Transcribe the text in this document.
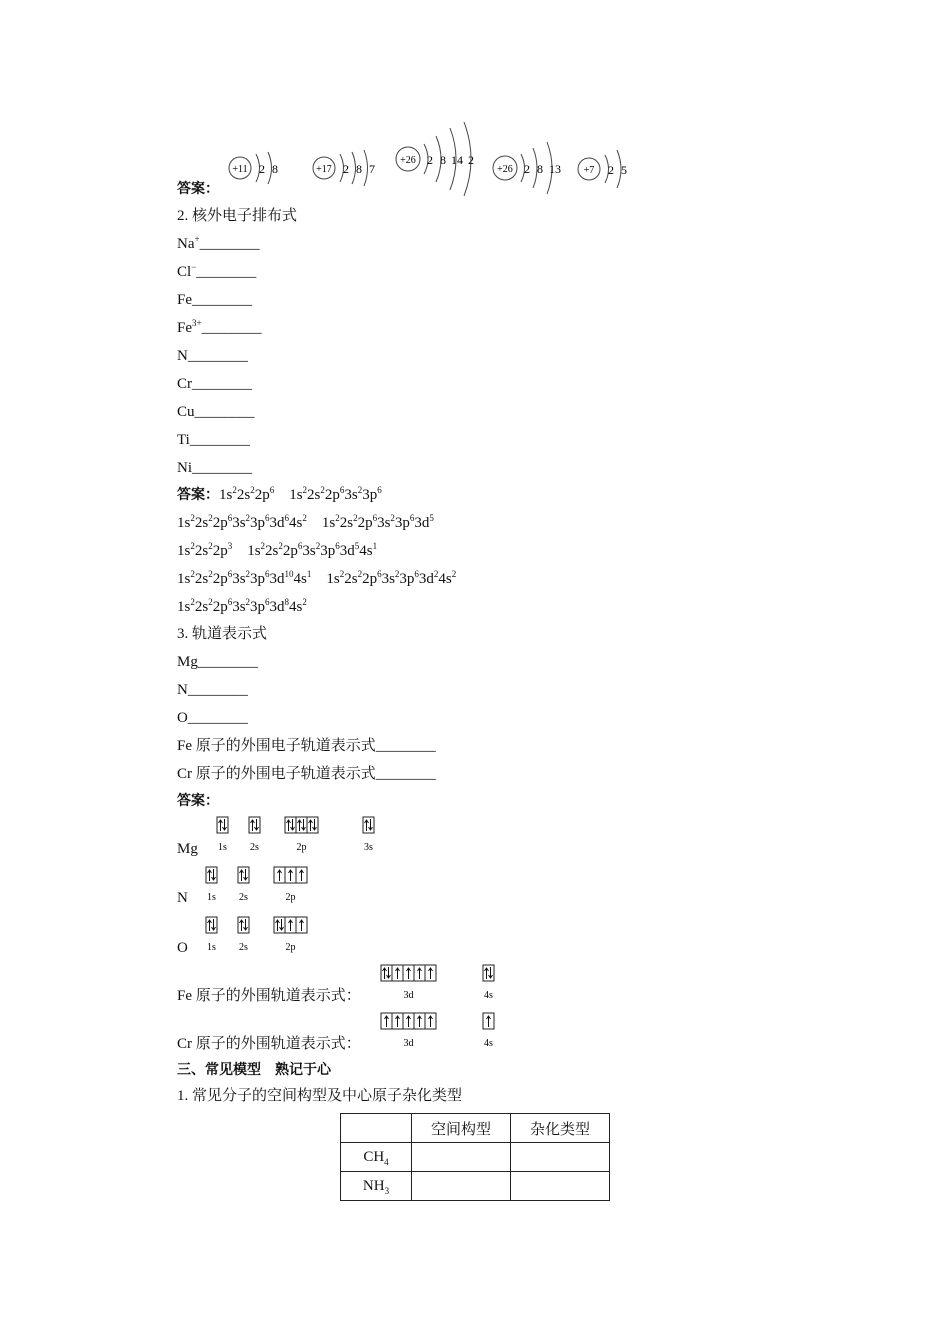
+11 2 8	+17 2 8 7
+26 2 8 14 2
+26 2 8 13 +7 2 5
答案：
2. 核外电子排布式
Na+________
Cl−________
Fe________
$Fe^{3+}\_\_\_\_\_\_\_\_$
N________
Cr________
Cu________
Ti________
Ni________
答案：$1s^22s^22p^6$ $1s^22s^22p^63s^23p^6$
$1s^22s^22p^63s^23p^63d^64s^2$ $1s^22s^22p^63s^23p^63d^5$
$1s^22s^22p^3$ $1s^22s^22p^63s^23p^63d^54s^1$
$1s^22s^22p^63s^23p^63d^{10}4s^1$ $1s^22s^22p^63s^23p^63d^24s^2$
$1s^22s^22p^63s^23p^63d^84s^2$
3. 轨道表示式
Mg________
N________
O________
Fe 原子的外围电子轨道表示式________
Cr 原子的外围电子轨道表示式________
答案：
Mg 1s 2s	2p	3s
N 1s 2s	2p
O 1s 2s	2p
Fe 原子的外围轨道表示式：	3d	4s
Cr 原子的外围轨道表示式：	3d	4s
三、常见模型　熟记于心
1. 常见分子的空间构型及中心原子杂化类型
	空间构型	杂化类型
$CH_4$		
$NH_3$		
